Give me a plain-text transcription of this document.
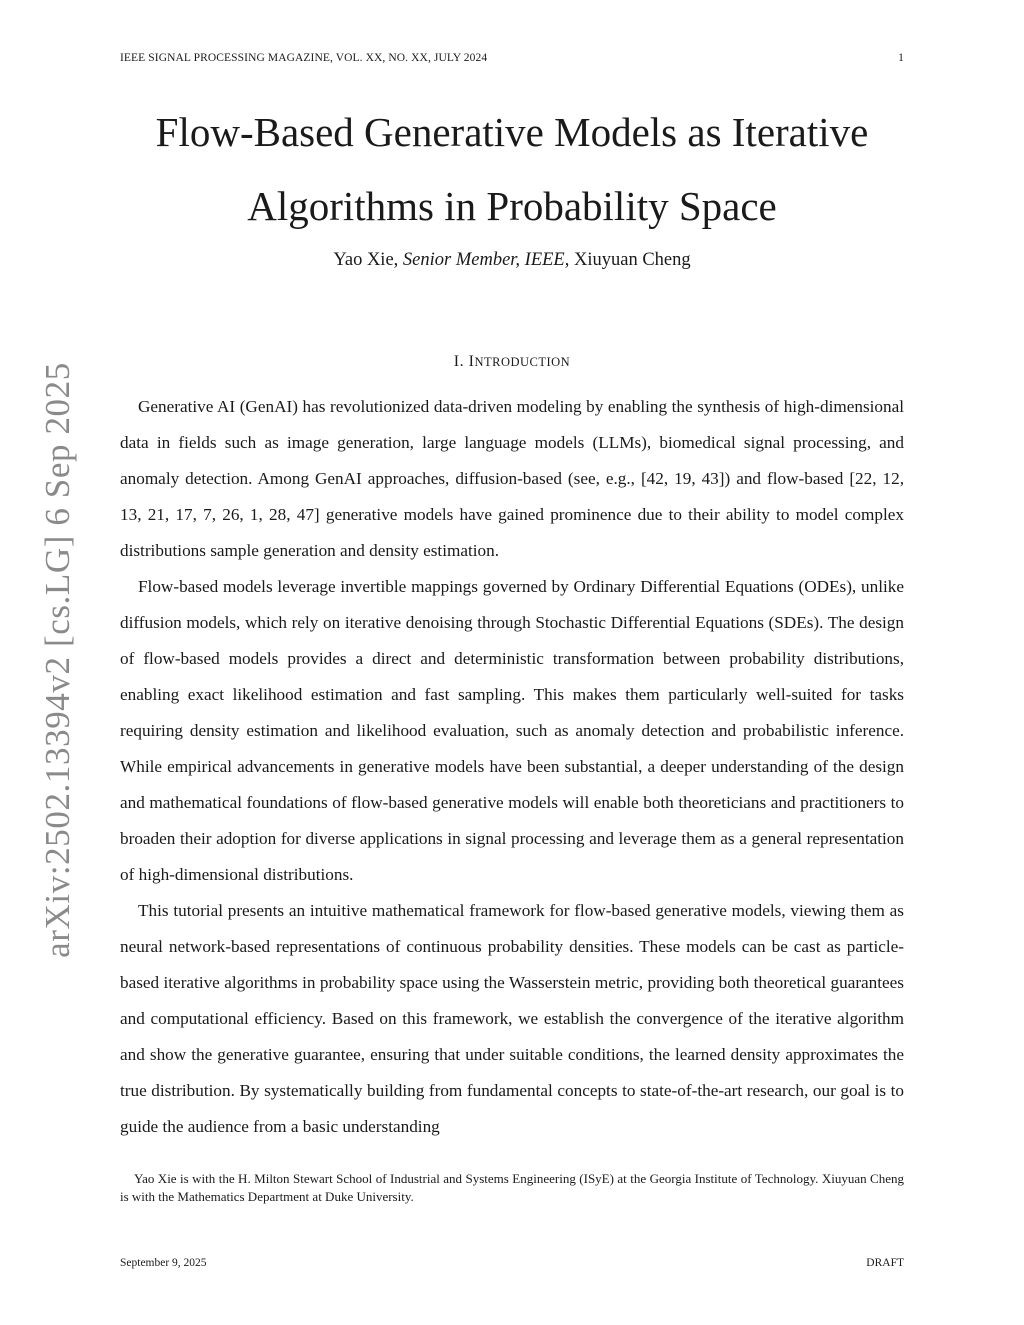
IEEE SIGNAL PROCESSING MAGAZINE, VOL. XX, NO. XX, JULY 2024	1
arXiv:2502.13394v2 [cs.LG] 6 Sep 2025
Flow-Based Generative Models as Iterative
Algorithms in Probability Space
Yao Xie, Senior Member, IEEE, Xiuyuan Cheng
I. INTRODUCTION

Generative AI (GenAI) has revolutionized data-driven modeling by enabling the synthesis of high-dimensional data in fields such as image generation, large language models (LLMs), biomedical signal processing, and anomaly detection. Among GenAI approaches, diffusion-based (see, e.g., [42, 19, 43]) and flow-based [22, 12, 13, 21, 17, 7, 26, 1, 28, 47] generative models have gained prominence due to their ability to model complex distributions sample generation and density estimation.

Flow-based models leverage invertible mappings governed by Ordinary Differential Equations (ODEs), unlike diffusion models, which rely on iterative denoising through Stochastic Differential Equations (SDEs). The design of flow-based models provides a direct and deterministic transformation between probability distributions, enabling exact likelihood estimation and fast sampling. This makes them particularly well-suited for tasks requiring density estimation and likelihood evaluation, such as anomaly detection and probabilistic inference. While empirical advancements in generative models have been substantial, a deeper understanding of the design and mathematical foundations of flow-based generative models will enable both theoreticians and practitioners to broaden their adoption for diverse applications in signal processing and leverage them as a general representation of high-dimensional distributions.

This tutorial presents an intuitive mathematical framework for flow-based generative models, viewing them as neural network-based representations of continuous probability densities. These models can be cast as particle-based iterative algorithms in probability space using the Wasserstein metric, providing both theoretical guarantees and computational efficiency. Based on this framework, we establish the convergence of the iterative algorithm and show the generative guarantee, ensuring that under suitable conditions, the learned density approximates the true distribution. By systematically building from fundamental concepts to state-of-the-art research, our goal is to guide the audience from a basic understanding

Yao Xie is with the H. Milton Stewart School of Industrial and Systems Engineering (ISyE) at the Georgia Institute of Technology. Xiuyuan Cheng is with the Mathematics Department at Duke University.
September 9, 2025	DRAFT
